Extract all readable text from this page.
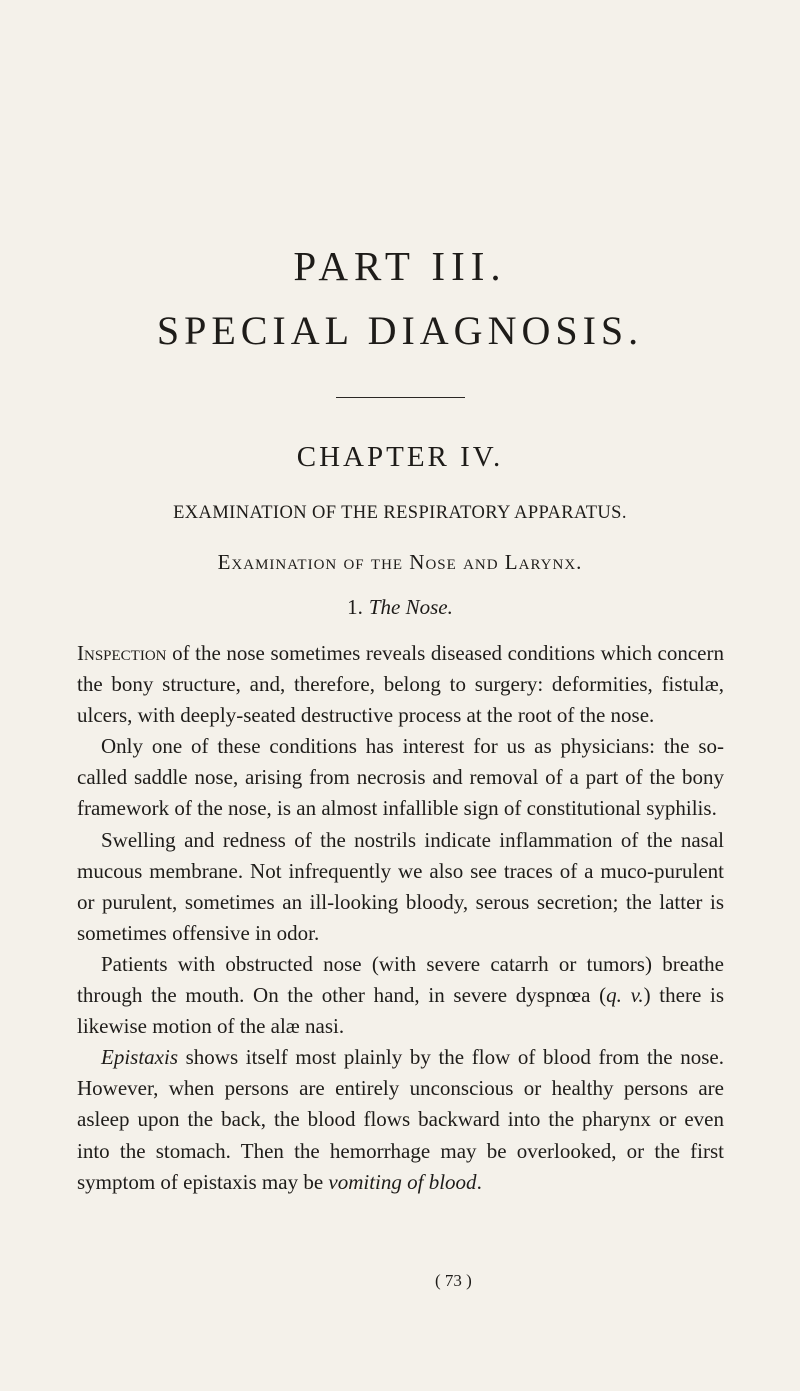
PART III.
SPECIAL DIAGNOSIS.
CHAPTER IV.
EXAMINATION OF THE RESPIRATORY APPARATUS.
Examination of the Nose and Larynx.
1. The Nose.

Inspection of the nose sometimes reveals diseased conditions which concern the bony structure, and, therefore, belong to surgery: deformities, fistulæ, ulcers, with deeply-seated destructive process at the root of the nose.

Only one of these conditions has interest for us as physicians: the so-called saddle nose, arising from necrosis and removal of a part of the bony framework of the nose, is an almost infallible sign of constitutional syphilis.

Swelling and redness of the nostrils indicate inflammation of the nasal mucous membrane. Not infrequently we also see traces of a muco-purulent or purulent, sometimes an ill-looking bloody, serous secretion; the latter is sometimes offensive in odor.

Patients with obstructed nose (with severe catarrh or tumors) breathe through the mouth. On the other hand, in severe dyspnœa (q. v.) there is likewise motion of the alæ nasi.

Epistaxis shows itself most plainly by the flow of blood from the nose. However, when persons are entirely unconscious or healthy persons are asleep upon the back, the blood flows backward into the pharynx or even into the stomach. Then the hemorrhage may be overlooked, or the first symptom of epistaxis may be vomiting of blood.

( 73 )
